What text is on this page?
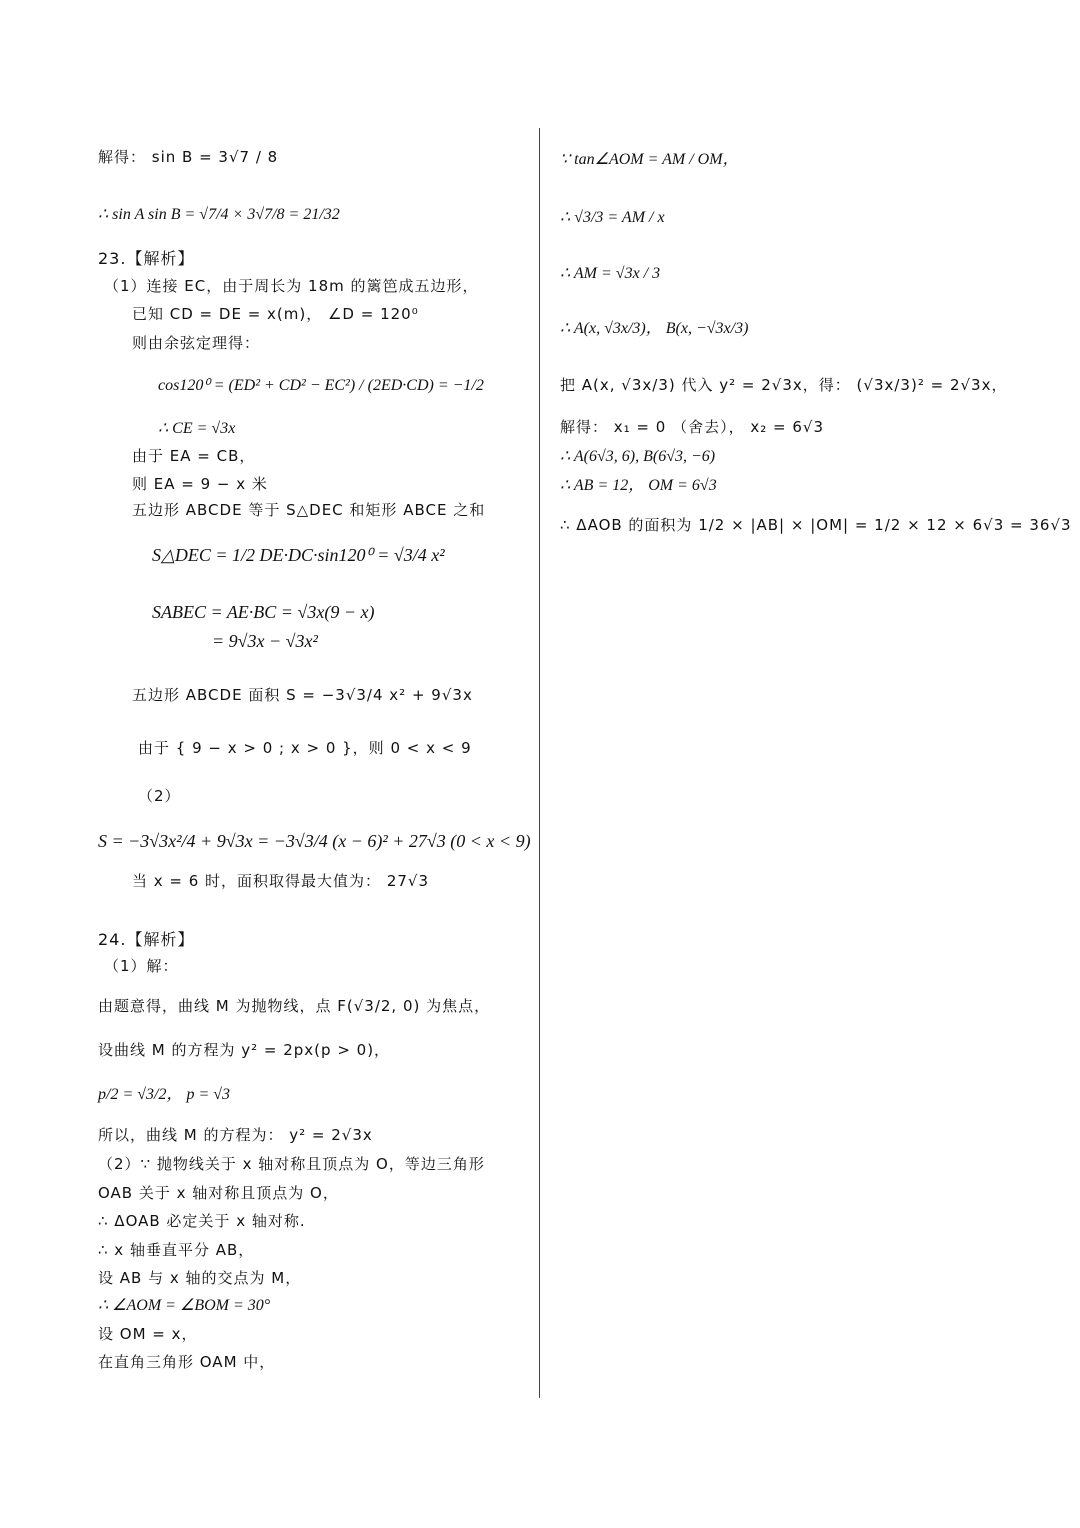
解得： sin B = 3√7 / 8
∴ sin A sin B = √7/4 × 3√7/8 = 21/32
23.【解析】
（1）连接 EC，由于周长为 18m 的篱笆成五边形，
已知 CD = DE = x(m)， ∠D = 120⁰
则由余弦定理得：
cos120⁰ = (ED² + CD² − EC²) / (2ED·CD) = −1/2
∴ CE = √3x
由于 EA = CB，
则 EA = 9 − x 米
五边形 ABCDE 等于 S△DEC 和矩形 ABCE 之和
S△DEC = 1/2 DE·DC·sin120⁰ = √3/4 x²
SABEC = AE·BC = √3x(9 − x)
= 9√3x − √3x²
五边形 ABCDE 面积 S = −3√3/4 x² + 9√3x
由于 { 9 − x > 0 ; x > 0 }，则 0 < x < 9
（2）
S = −3√3x²/4 + 9√3x = −3√3/4 (x − 6)² + 27√3 (0 < x < 9)
当 x = 6 时，面积取得最大值为： 27√3
24.【解析】
（1）解：
由题意得，曲线 M 为抛物线，点 F(√3/2, 0) 为焦点，
设曲线 M 的方程为 y² = 2px(p > 0)，
p/2 = √3/2， p = √3
所以，曲线 M 的方程为： y² = 2√3x
（2）∵ 抛物线关于 x 轴对称且顶点为 O，等边三角形
OAB 关于 x 轴对称且顶点为 O，
∴ ΔOAB 必定关于 x 轴对称.
∴ x 轴垂直平分 AB，
设 AB 与 x 轴的交点为 M，
∴ ∠AOM = ∠BOM = 30°
设 OM = x，
在直角三角形 OAM 中，
∵ tan∠AOM = AM / OM，
∴ √3/3 = AM / x
∴ AM = √3x / 3
∴ A(x, √3x/3)， B(x, −√3x/3)
把 A(x, √3x/3) 代入 y² = 2√3x，得： (√3x/3)² = 2√3x，
解得： x₁ = 0 （舍去）， x₂ = 6√3
∴ A(6√3, 6), B(6√3, −6)
∴ AB = 12， OM = 6√3
∴ ΔAOB 的面积为 1/2 × |AB| × |OM| = 1/2 × 12 × 6√3 = 36√3
